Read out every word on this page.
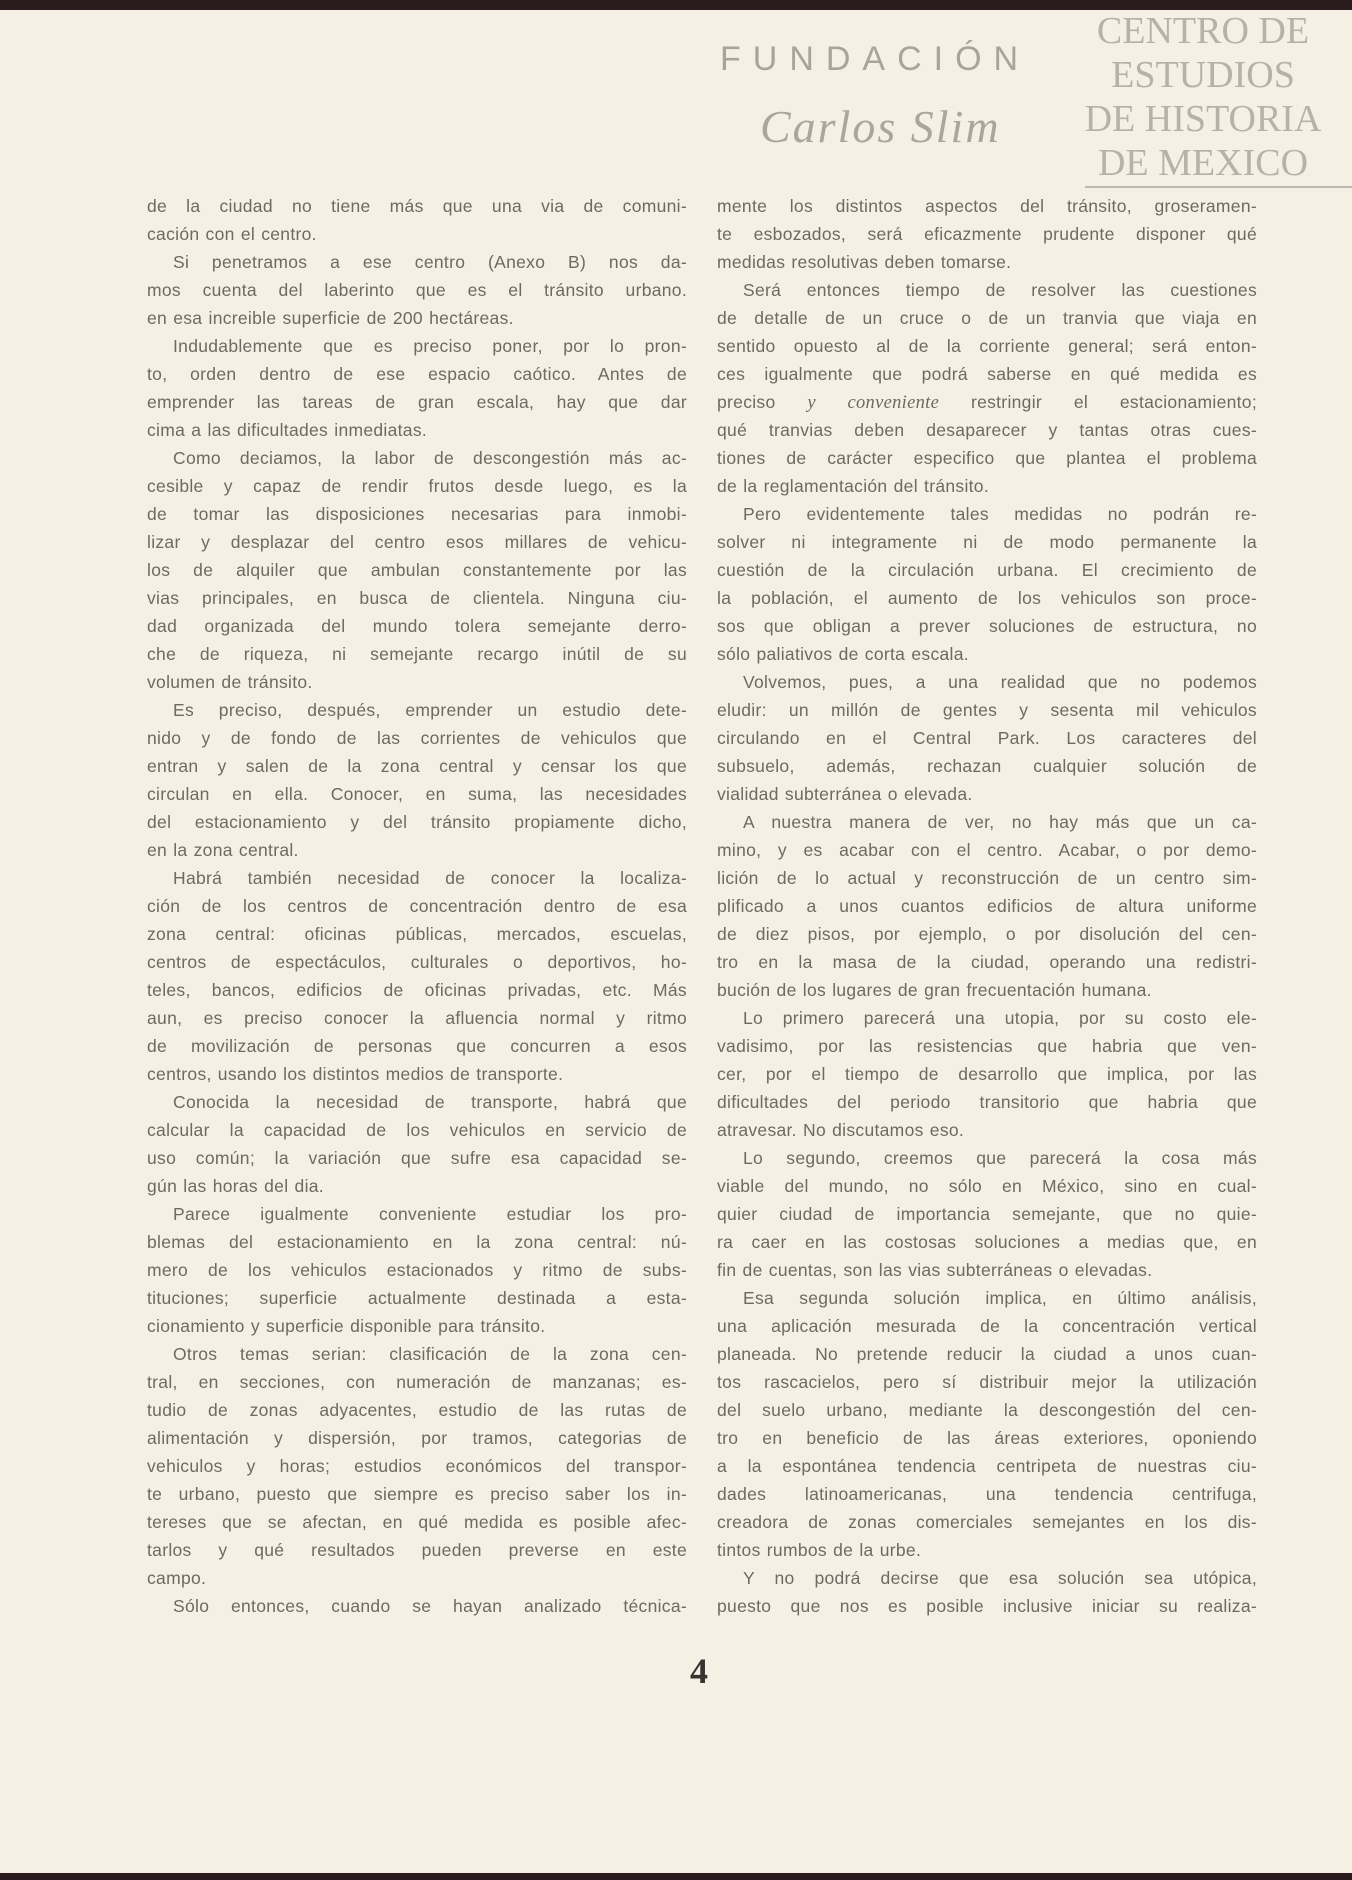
CENTRO DE
ESTUDIOS
DE HISTORIA
DE MEXICO
FUNDACIÓN
Carlos Slim
de la ciudad no tiene más que una via de comuni-
cación con el centro.
Si penetramos a ese centro (Anexo B) nos da-
mos cuenta del laberinto que es el tránsito urbano.
en esa increible superficie de 200 hectáreas.
Indudablemente que es preciso poner, por lo pron-
to, orden dentro de ese espacio caótico. Antes de
emprender las tareas de gran escala, hay que dar
cima a las dificultades inmediatas.
Como deciamos, la labor de descongestión más ac-
cesible y capaz de rendir frutos desde luego, es la
de tomar las disposiciones necesarias para inmobi-
lizar y desplazar del centro esos millares de vehicu-
los de alquiler que ambulan constantemente por las
vias principales, en busca de clientela. Ninguna ciu-
dad organizada del mundo tolera semejante derro-
che de riqueza, ni semejante recargo inútil de su
volumen de tránsito.
Es preciso, después, emprender un estudio dete-
nido y de fondo de las corrientes de vehiculos que
entran y salen de la zona central y censar los que
circulan en ella. Conocer, en suma, las necesidades
del estacionamiento y del tránsito propiamente dicho,
en la zona central.
Habrá también necesidad de conocer la localiza-
ción de los centros de concentración dentro de esa
zona central: oficinas públicas, mercados, escuelas,
centros de espectáculos, culturales o deportivos, ho-
teles, bancos, edificios de oficinas privadas, etc. Más
aun, es preciso conocer la afluencia normal y ritmo
de movilización de personas que concurren a esos
centros, usando los distintos medios de transporte.
Conocida la necesidad de transporte, habrá que
calcular la capacidad de los vehiculos en servicio de
uso común; la variación que sufre esa capacidad se-
gún las horas del dia.
Parece igualmente conveniente estudiar los pro-
blemas del estacionamiento en la zona central: nú-
mero de los vehiculos estacionados y ritmo de subs-
tituciones; superficie actualmente destinada a esta-
cionamiento y superficie disponible para tránsito.
Otros temas serian: clasificación de la zona cen-
tral, en secciones, con numeración de manzanas; es-
tudio de zonas adyacentes, estudio de las rutas de
alimentación y dispersión, por tramos, categorias de
vehiculos y horas; estudios económicos del transpor-
te urbano, puesto que siempre es preciso saber los in-
tereses que se afectan, en qué medida es posible afec-
tarlos y qué resultados pueden preverse en este
campo.
Sólo entonces, cuando se hayan analizado técnica-
mente los distintos aspectos del tránsito, groseramen-
te esbozados, será eficazmente prudente disponer qué
medidas resolutivas deben tomarse.
Será entonces tiempo de resolver las cuestiones
de detalle de un cruce o de un tranvia que viaja en
sentido opuesto al de la corriente general; será enton-
ces igualmente que podrá saberse en qué medida es
preciso y conveniente restringir el estacionamiento;
qué tranvias deben desaparecer y tantas otras cues-
tiones de carácter especifico que plantea el problema
de la reglamentación del tránsito.
Pero evidentemente tales medidas no podrán re-
solver ni integramente ni de modo permanente la
cuestión de la circulación urbana. El crecimiento de
la población, el aumento de los vehiculos son proce-
sos que obligan a prever soluciones de estructura, no
sólo paliativos de corta escala.
Volvemos, pues, a una realidad que no podemos
eludir: un millón de gentes y sesenta mil vehiculos
circulando en el Central Park. Los caracteres del
subsuelo, además, rechazan cualquier solución de
vialidad subterránea o elevada.
A nuestra manera de ver, no hay más que un ca-
mino, y es acabar con el centro. Acabar, o por demo-
lición de lo actual y reconstrucción de un centro sim-
plificado a unos cuantos edificios de altura uniforme
de diez pisos, por ejemplo, o por disolución del cen-
tro en la masa de la ciudad, operando una redistri-
bución de los lugares de gran frecuentación humana.
Lo primero parecerá una utopia, por su costo ele-
vadisimo, por las resistencias que habria que ven-
cer, por el tiempo de desarrollo que implica, por las
dificultades del periodo transitorio que habria que
atravesar. No discutamos eso.
Lo segundo, creemos que parecerá la cosa más
viable del mundo, no sólo en México, sino en cual-
quier ciudad de importancia semejante, que no quie-
ra caer en las costosas soluciones a medias que, en
fin de cuentas, son las vias subterráneas o elevadas.
Esa segunda solución implica, en último análisis,
una aplicación mesurada de la concentración vertical
planeada. No pretende reducir la ciudad a unos cuan-
tos rascacielos, pero sí distribuir mejor la utilización
del suelo urbano, mediante la descongestión del cen-
tro en beneficio de las áreas exteriores, oponiendo
a la espontánea tendencia centripeta de nuestras ciu-
dades latinoamericanas, una tendencia centrifuga,
creadora de zonas comerciales semejantes en los dis-
tintos rumbos de la urbe.
Y no podrá decirse que esa solución sea utópica,
puesto que nos es posible inclusive iniciar su realiza-
4
